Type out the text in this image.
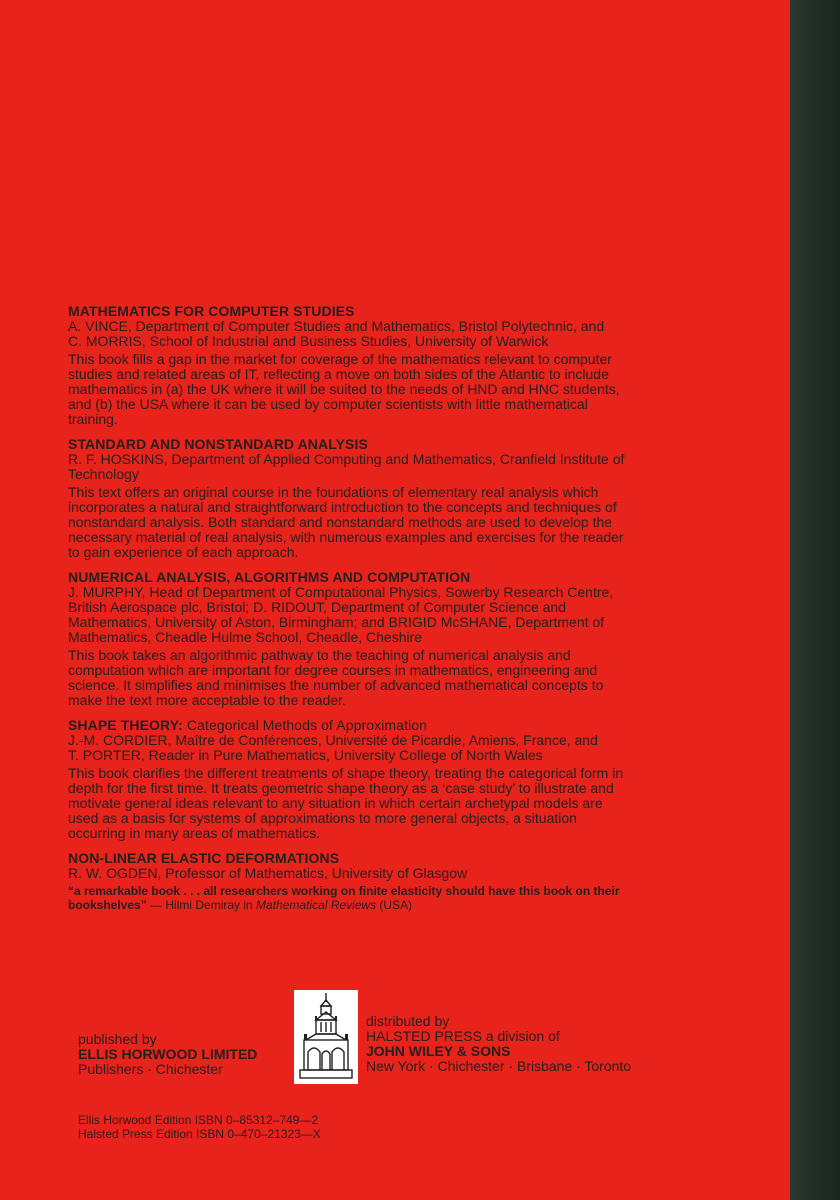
MATHEMATICS FOR COMPUTER STUDIES
A. VINCE, Department of Computer Studies and Mathematics, Bristol Polytechnic, and
C. MORRIS, School of Industrial and Business Studies, University of Warwick
This book fills a gap in the market for coverage of the mathematics relevant to computer
studies and related areas of IT, reflecting a move on both sides of the Atlantic to include
mathematics in (a) the UK where it will be suited to the needs of HND and HNC students,
and (b) the USA where it can be used by computer scientists with little mathematical
training.
STANDARD AND NONSTANDARD ANALYSIS
R. F. HOSKINS, Department of Applied Computing and Mathematics, Cranfield Institute of
Technology
This text offers an original course in the foundations of elementary real analysis which
incorporates a natural and straightforward introduction to the concepts and techniques of
nonstandard analysis. Both standard and nonstandard methods are used to develop the
necessary material of real analysis, with numerous examples and exercises for the reader
to gain experience of each approach.
NUMERICAL ANALYSIS, ALGORITHMS AND COMPUTATION
J. MURPHY, Head of Department of Computational Physics, Sowerby Research Centre,
British Aerospace plc, Bristol; D. RIDOUT, Department of Computer Science and
Mathematics, University of Aston, Birmingham; and BRIGID McSHANE, Department of
Mathematics, Cheadle Hulme School, Cheadle, Cheshire
This book takes an algorithmic pathway to the teaching of numerical analysis and
computation which are important for degree courses in mathematics, engineering and
science. It simplifies and minimises the number of advanced mathematical concepts to
make the text more acceptable to the reader.
SHAPE THEORY: Categorical Methods of Approximation
J.-M. CORDIER, Maître de Conférences, Université de Picardie, Amiens, France, and
T. PORTER, Reader in Pure Mathematics, University College of North Wales
This book clarifies the different treatments of shape theory, treating the categorical form in
depth for the first time. It treats geometric shape theory as a ‘case study’ to illustrate and
motivate general ideas relevant to any situation in which certain archetypal models are
used as a basis for systems of approximations to more general objects, a situation
occurring in many areas of mathematics.
NON-LINEAR ELASTIC DEFORMATIONS
R. W. OGDEN, Professor of Mathematics, University of Glasgow
“a remarkable book . . . all researchers working on finite elasticity should have this book on their
bookshelves” — Hilmi Demiray in Mathematical Reviews (USA)
published by
ELLIS HORWOOD LIMITED
Publishers · Chichester
distributed by
HALSTED PRESS a division of
JOHN WILEY & SONS
New York · Chichester · Brisbane · Toronto
Ellis Horwood Edition ISBN 0–85312–749—2
Halsted Press Edition ISBN 0–470–21323—X
